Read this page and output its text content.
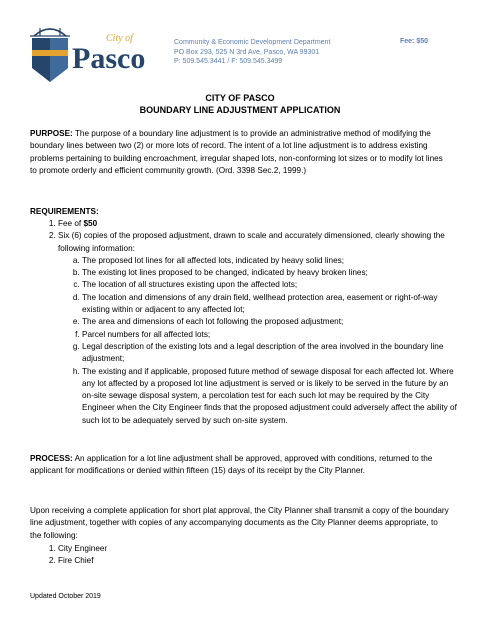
City of
Pasco	Community & Economic Development Department
PO Box 293, 525 N 3rd Ave, Pasco, WA 99301
P: 509.545.3441 / F: 509.545.3499
Fee: $50
CITY OF PASCO
BOUNDARY LINE ADJUSTMENT APPLICATION
PURPOSE: The purpose of a boundary line adjustment is to provide an administrative method of modifying the boundary lines between two (2) or more lots of record. The intent of a lot line adjustment is to address existing problems pertaining to building encroachment, irregular shaped lots, non-conforming lot sizes or to modify lot lines to promote orderly and efficient community growth. (Ord. 3398 Sec.2, 1999.)
REQUIREMENTS:
1. Fee of $50
2. Six (6) copies of the proposed adjustment, drawn to scale and accurately dimensioned, clearly showing the following information:
a. The proposed lot lines for all affected lots, indicated by heavy solid lines;
b. The existing lot lines proposed to be changed, indicated by heavy broken lines;
c. The location of all structures existing upon the affected lots;
d. The location and dimensions of any drain field, wellhead protection area, easement or right-of-way existing within or adjacent to any affected lot;
e. The area and dimensions of each lot following the proposed adjustment;
f. Parcel numbers for all affected lots;
g. Legal description of the existing lots and a legal description of the area involved in the boundary line adjustment;
h. The existing and if applicable, proposed future method of sewage disposal for each affected lot. Where any lot affected by a proposed lot line adjustment is served or is likely to be served in the future by an on-site sewage disposal system, a percolation test for each such lot may be required by the City Engineer when the City Engineer finds that the proposed adjustment could adversely affect the ability of such lot to be adequately served by such on-site system.
PROCESS: An application for a lot line adjustment shall be approved, approved with conditions, returned to the applicant for modifications or denied within fifteen (15) days of its receipt by the City Planner.
Upon receiving a complete application for short plat approval, the City Planner shall transmit a copy of the boundary line adjustment, together with copies of any accompanying documents as the City Planner deems appropriate, to the following:
1. City Engineer
2. Fire Chief
Updated October 2019
